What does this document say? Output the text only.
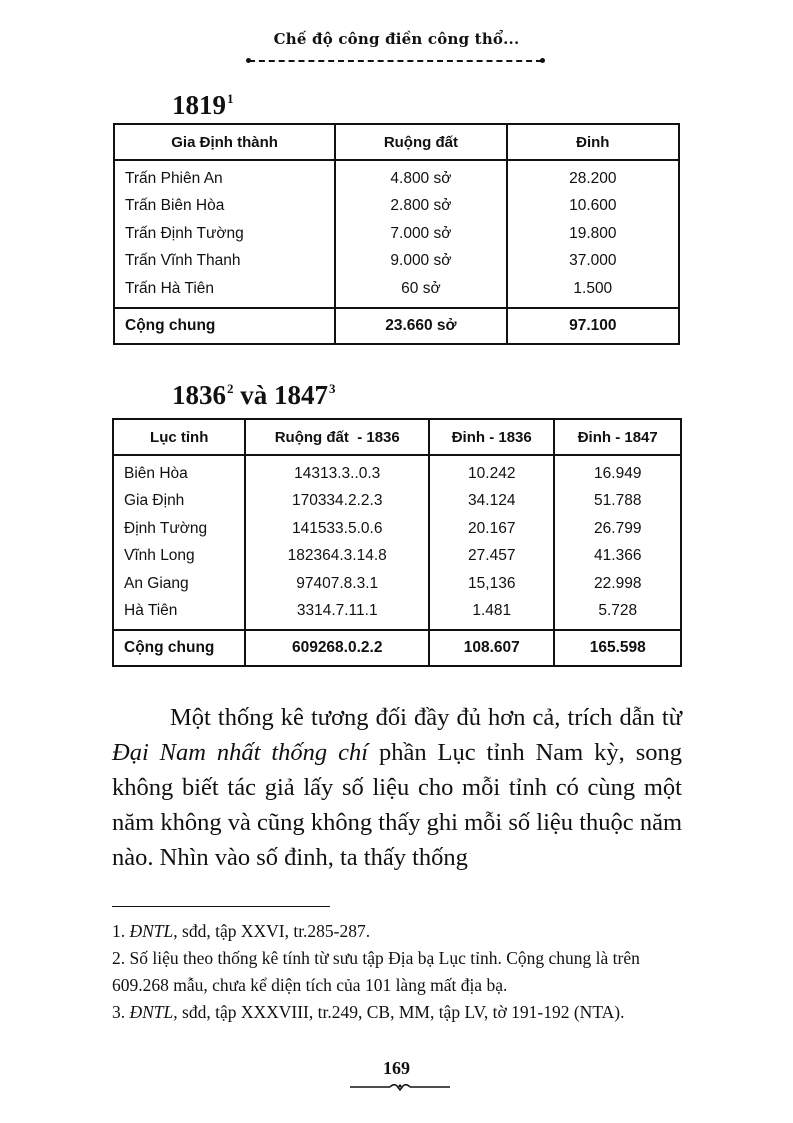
Chế độ công điền công thổ...
1819$^1$
Gia Định thành	Ruộng đất	Đinh
Trấn Phiên An	4.800 sở	28.200
Trấn Biên Hòa	2.800 sở	10.600
Trấn Định Tường	7.000 sở	19.800
Trấn Vĩnh Thanh	9.000 sở	37.000
Trấn Hà Tiên	60 sở	1.500
Cộng chung	23.660 sở	97.100
1836$^2$ và 1847$^3$
Lục tỉnh	Ruộng đất  - 1836	Đinh - 1836	Đinh - 1847
Biên Hòa	14313.3..0.3	10.242	16.949
Gia Định	170334.2.2.3	34.124	51.788
Định Tường	141533.5.0.6	20.167	26.799
Vĩnh Long	182364.3.14.8	27.457	41.366
An Giang	97407.8.3.1	15,136	22.998
Hà Tiên	3314.7.11.1	1.481	5.728
Cộng chung	609268.0.2.2	108.607	165.598

Một thống kê tương đối đầy đủ hơn cả, trích dẫn từ Đại Nam nhất thống chí phần Lục tỉnh Nam kỳ, song không biết tác giả lấy số liệu cho mỗi tỉnh có cùng một năm không và cũng không thấy ghi mỗi số liệu thuộc năm nào. Nhìn vào số đinh, ta thấy thống

1. ĐNTL, sđd, tập XXVI, tr.285-287.

2. Số liệu theo thống kê tính từ sưu tập Địa bạ Lục tỉnh. Cộng chung là trên 609.268 mẫu, chưa kể diện tích của 101 làng mất địa bạ.

3. ĐNTL, sđd, tập XXXVIII, tr.249, CB, MM, tập LV, tờ 191-192 (NTA).

169
